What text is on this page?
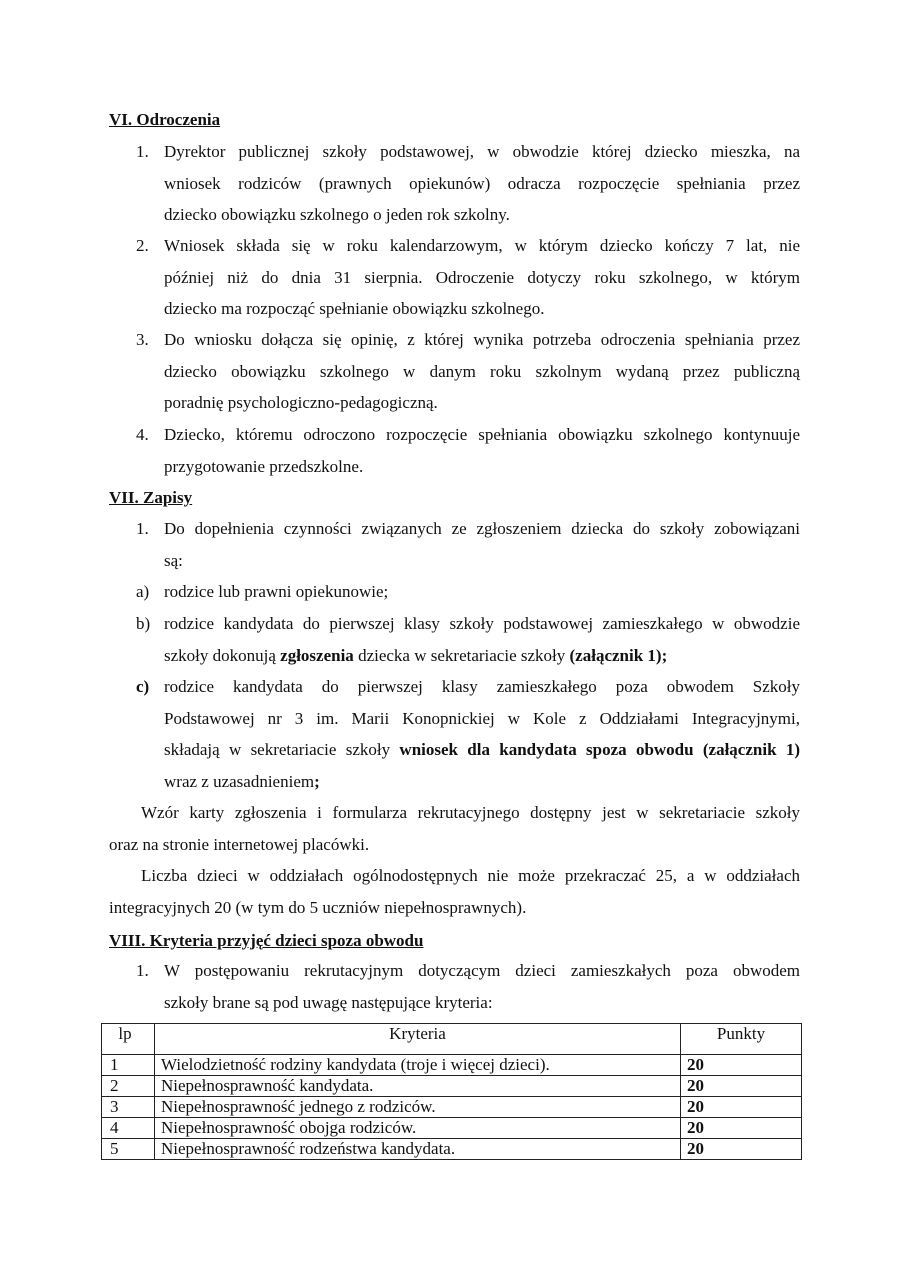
VI. Odroczenia
1. Dyrektor publicznej szkoły podstawowej, w obwodzie której dziecko mieszka, na
wniosek rodziców (prawnych opiekunów) odracza rozpoczęcie spełniania przez
dziecko obowiązku szkolnego o jeden rok szkolny.
2. Wniosek składa się w roku kalendarzowym, w którym dziecko kończy 7 lat, nie
później niż do dnia 31 sierpnia. Odroczenie dotyczy roku szkolnego, w którym
dziecko ma rozpocząć spełnianie obowiązku szkolnego.
3. Do wniosku dołącza się opinię, z której wynika potrzeba odroczenia spełniania przez
dziecko obowiązku szkolnego w danym roku szkolnym wydaną przez publiczną
poradnię psychologiczno-pedagogiczną.
4. Dziecko, któremu odroczono rozpoczęcie spełniania obowiązku szkolnego kontynuuje
przygotowanie przedszkolne.
VII. Zapisy
1. Do dopełnienia czynności związanych ze zgłoszeniem dziecka do szkoły zobowiązani
są:
a) rodzice lub prawni opiekunowie;
b) rodzice kandydata do pierwszej klasy szkoły podstawowej zamieszkałego w obwodzie
szkoły dokonują zgłoszenia dziecka w sekretariacie szkoły (załącznik 1);
c) rodzice kandydata do pierwszej klasy zamieszkałego poza obwodem Szkoły
Podstawowej nr 3 im. Marii Konopnickiej w Kole z Oddziałami Integracyjnymi,
składają w sekretariacie szkoły wniosek dla kandydata spoza obwodu (załącznik 1)
wraz z uzasadnieniem;
Wzór karty zgłoszenia i formularza rekrutacyjnego dostępny jest w sekretariacie szkoły
oraz na stronie internetowej placówki.
Liczba dzieci w oddziałach ogólnodostępnych nie może przekraczać 25, a w oddziałach
integracyjnych 20 (w tym do 5 uczniów niepełnosprawnych).
VIII. Kryteria przyjęć dzieci spoza obwodu
1. W postępowaniu rekrutacyjnym dotyczącym dzieci zamieszkałych poza obwodem
szkoły brane są pod uwagę następujące kryteria:
lp	Kryteria	Punkty
1	Wielodzietność rodziny kandydata (troje i więcej dzieci).	20
2	Niepełnosprawność kandydata.	20
3	Niepełnosprawność jednego z rodziców.	20
4	Niepełnosprawność obojga rodziców.	20
5	Niepełnosprawność rodzeństwa kandydata.	20
